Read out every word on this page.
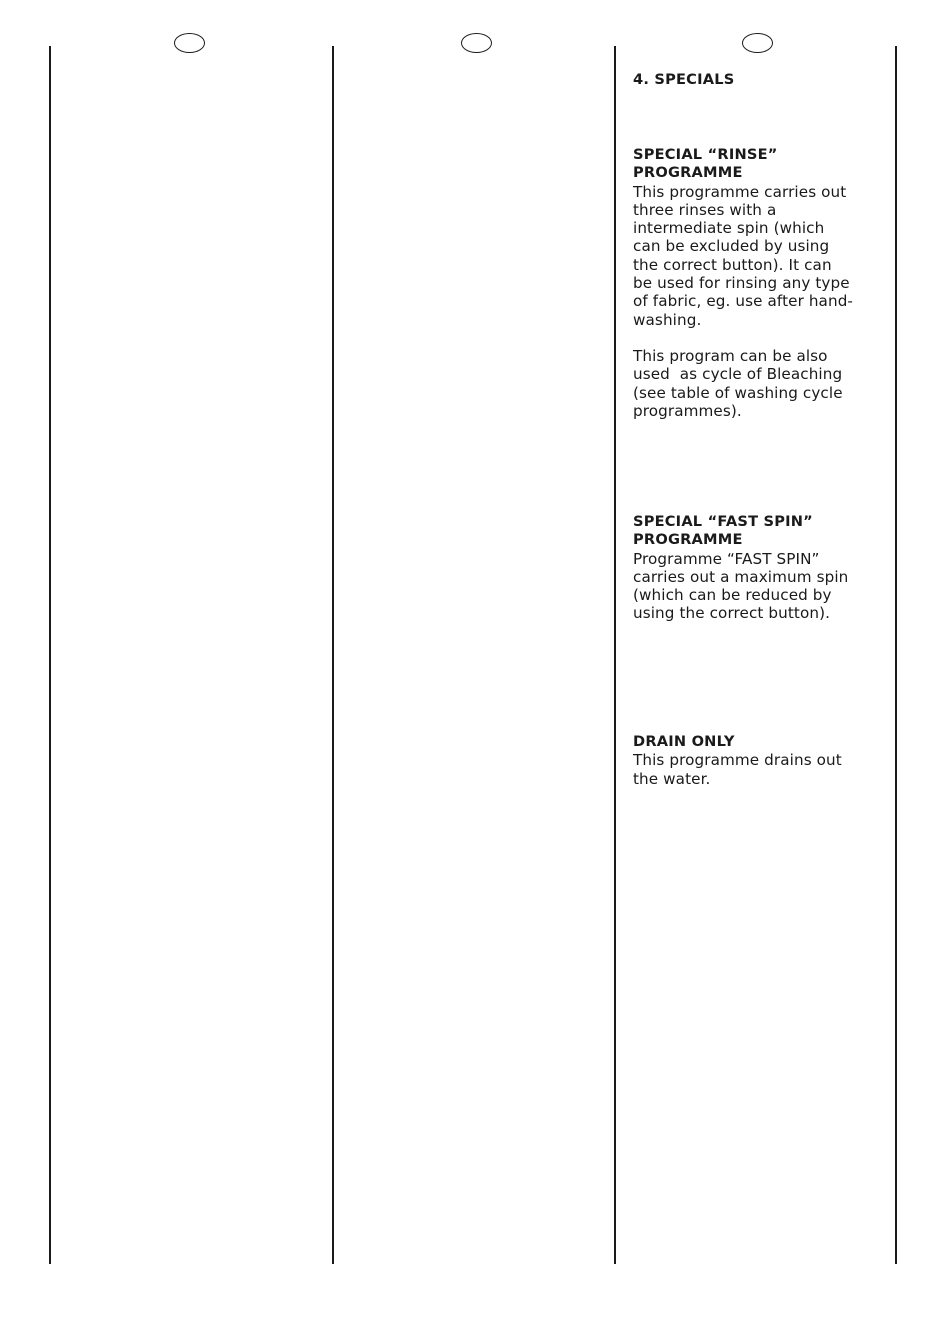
4. SPECIALS
SPECIAL “RINSE”
PROGRAMME
This programme carries out
three rinses with a
intermediate spin (which
can be excluded by using
the correct button). It can
be used for rinsing any type
of fabric, eg. use after hand-
washing.
This program can be also
used  as cycle of Bleaching
(see table of washing cycle
programmes).
SPECIAL “FAST SPIN”
PROGRAMME
Programme “FAST SPIN”
carries out a maximum spin
(which can be reduced by
using the correct button).
DRAIN ONLY
This programme drains out
the water.
